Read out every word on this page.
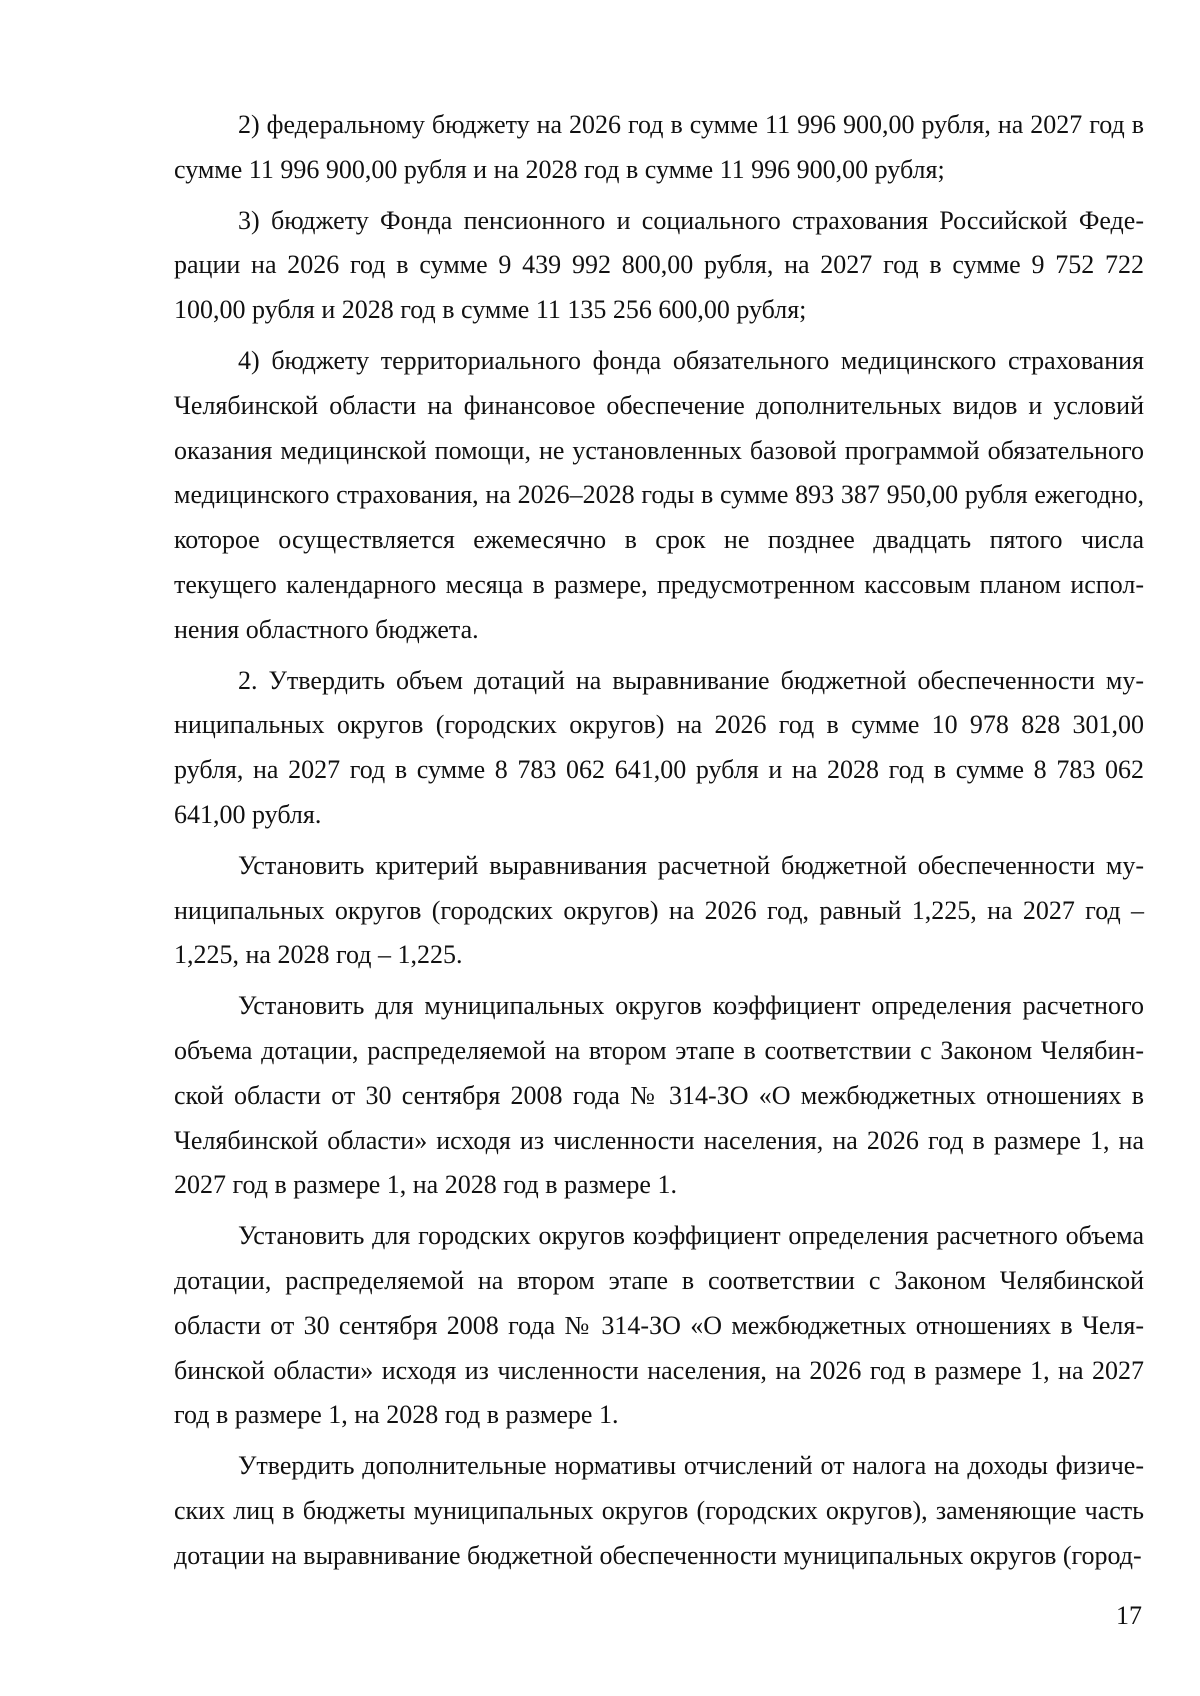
2) федеральному бюджету на 2026 год в сумме 11 996 900,00 рубля, на 2027 год в сумме 11 996 900,00 рубля и на 2028 год в сумме 11 996 900,00 рубля;

3) бюджету Фонда пенсионного и социального страхования Российской Федерации на 2026 год в сумме 9 439 992 800,00 рубля, на 2027 год в сумме 9 752 722 100,00 рубля и 2028 год в сумме 11 135 256 600,00 рубля;

4) бюджету территориального фонда обязательного медицинского страхования Челябинской области на финансовое обеспечение дополнительных видов и условий оказания медицинской помощи, не установленных базовой программой обязательного медицинского страхования, на 2026–2028 годы в сумме 893 387 950,00 рубля ежегодно, которое осуществляется ежемесячно в срок не позднее двадцать пятого числа текущего календарного месяца в размере, предусмотренном кассовым планом исполнения областного бюджета.

2. Утвердить объем дотаций на выравнивание бюджетной обеспеченности муниципальных округов (городских округов) на 2026 год в сумме 10 978 828 301,00 рубля, на 2027 год в сумме 8 783 062 641,00 рубля и на 2028 год в сумме 8 783 062 641,00 рубля.

Установить критерий выравнивания расчетной бюджетной обеспеченности муниципальных округов (городских округов) на 2026 год, равный 1,225, на 2027 год – 1,225, на 2028 год – 1,225.

Установить для муниципальных округов коэффициент определения расчетного объема дотации, распределяемой на втором этапе в соответствии с Законом Челябинской области от 30 сентября 2008 года № 314-ЗО «О межбюджетных отношениях в Челябинской области» исходя из численности населения, на 2026 год в размере 1, на 2027 год в размере 1, на 2028 год в размере 1.

Установить для городских округов коэффициент определения расчетного объема дотации, распределяемой на втором этапе в соответствии с Законом Челябинской области от 30 сентября 2008 года № 314-ЗО «О межбюджетных отношениях в Челябинской области» исходя из численности населения, на 2026 год в размере 1, на 2027 год в размере 1, на 2028 год в размере 1.

Утвердить дополнительные нормативы отчислений от налога на доходы физических лиц в бюджеты муниципальных округов (городских округов), заменяющие часть дотации на выравнивание бюджетной обеспеченности муниципальных округов (город-

17
